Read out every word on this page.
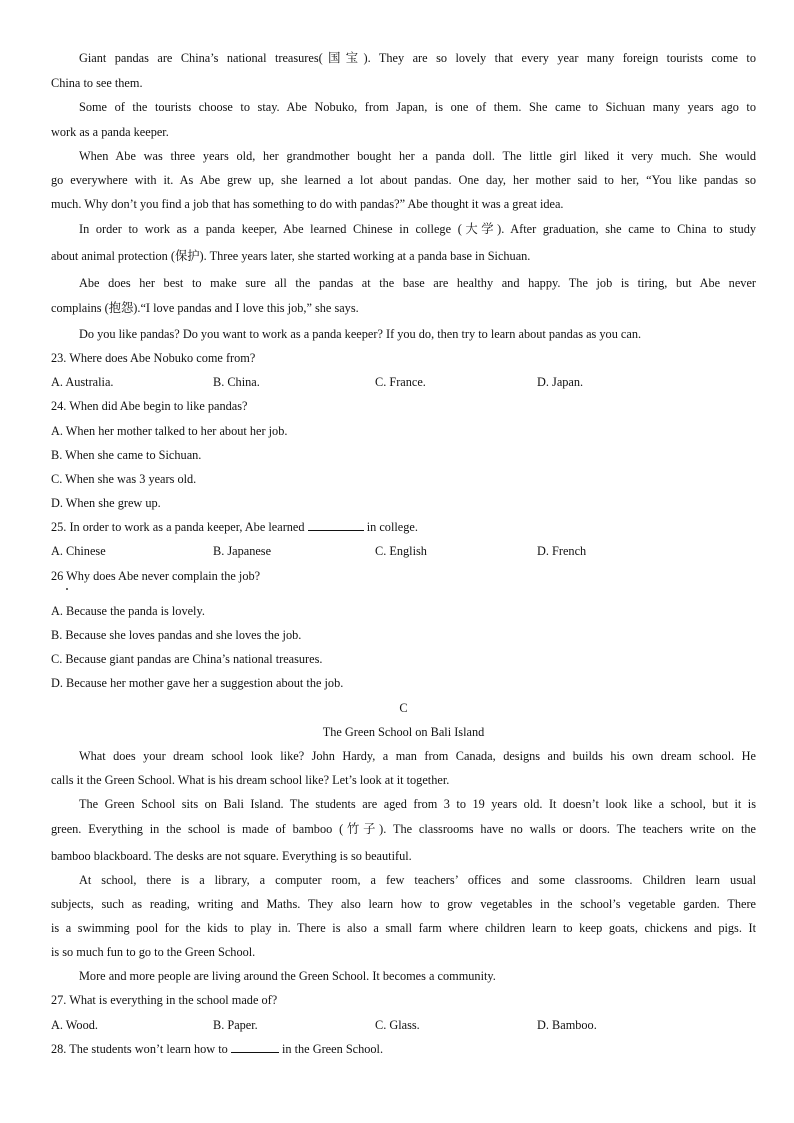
Giant pandas are China’s national treasures(国宝). They are so lovely that every year many foreign tourists come to
China to see them.
Some of the tourists choose to stay. Abe Nobuko, from Japan, is one of them. She came to Sichuan many years ago to
work as a panda keeper.
When Abe was three years old, her grandmother bought her a panda doll. The little girl liked it very much. She would
go everywhere with it. As Abe grew up, she learned a lot about pandas. One day, her mother said to her, “You like pandas so
much. Why don’t you find a job that has something to do with pandas?” Abe thought it was a great idea.
In order to work as a panda keeper, Abe learned Chinese in college (大学). After graduation, she came to China to study
about animal protection (保护). Three years later, she started working at a panda base in Sichuan.
Abe does her best to make sure all the pandas at the base are healthy and happy. The job is tiring, but Abe never
complains (抱怨).“I love pandas and I love this job,” she says.
Do you like pandas? Do you want to work as a panda keeper? If you do, then try to learn about pandas as you can.
23. Where does Abe Nobuko come from?
A. Australia.	B. China.	C. France.	D. Japan.
24. When did Abe begin to like pandas?
A. When her mother talked to her about her job.
B. When she came to Sichuan.
C. When she was 3 years old.
D. When she grew up.
25. In order to work as a panda keeper, Abe learned	in college.
A. Chinese	B. Japanese	C. English	D. French
26 Why does Abe never complain the job?
A. Because the panda is lovely.
B. Because she loves pandas and she loves the job.
C. Because giant pandas are China’s national treasures.
D. Because her mother gave her a suggestion about the job.
C
The Green School on Bali Island
What does your dream school look like? John Hardy, a man from Canada, designs and builds his own dream school. He
calls it the Green School. What is his dream school like? Let’s look at it together.
The Green School sits on Bali Island. The students are aged from 3 to 19 years old. It doesn’t look like a school, but it is
green. Everything in the school is made of bamboo (竹子). The classrooms have no walls or doors. The teachers write on the
bamboo blackboard. The desks are not square. Everything is so beautiful.
At school, there is a library, a computer room, a few teachers’ offices and some classrooms. Children learn usual
subjects, such as reading, writing and Maths. They also learn how to grow vegetables in the school’s vegetable garden. There
is a swimming pool for the kids to play in. There is also a small farm where children learn to keep goats, chickens and pigs. It
is so much fun to go to the Green School.
More and more people are living around the Green School. It becomes a community.
27. What is everything in the school made of?
A. Wood.	B. Paper.	C. Glass.	D. Bamboo.
28. The students won’t learn how to	in the Green School.
